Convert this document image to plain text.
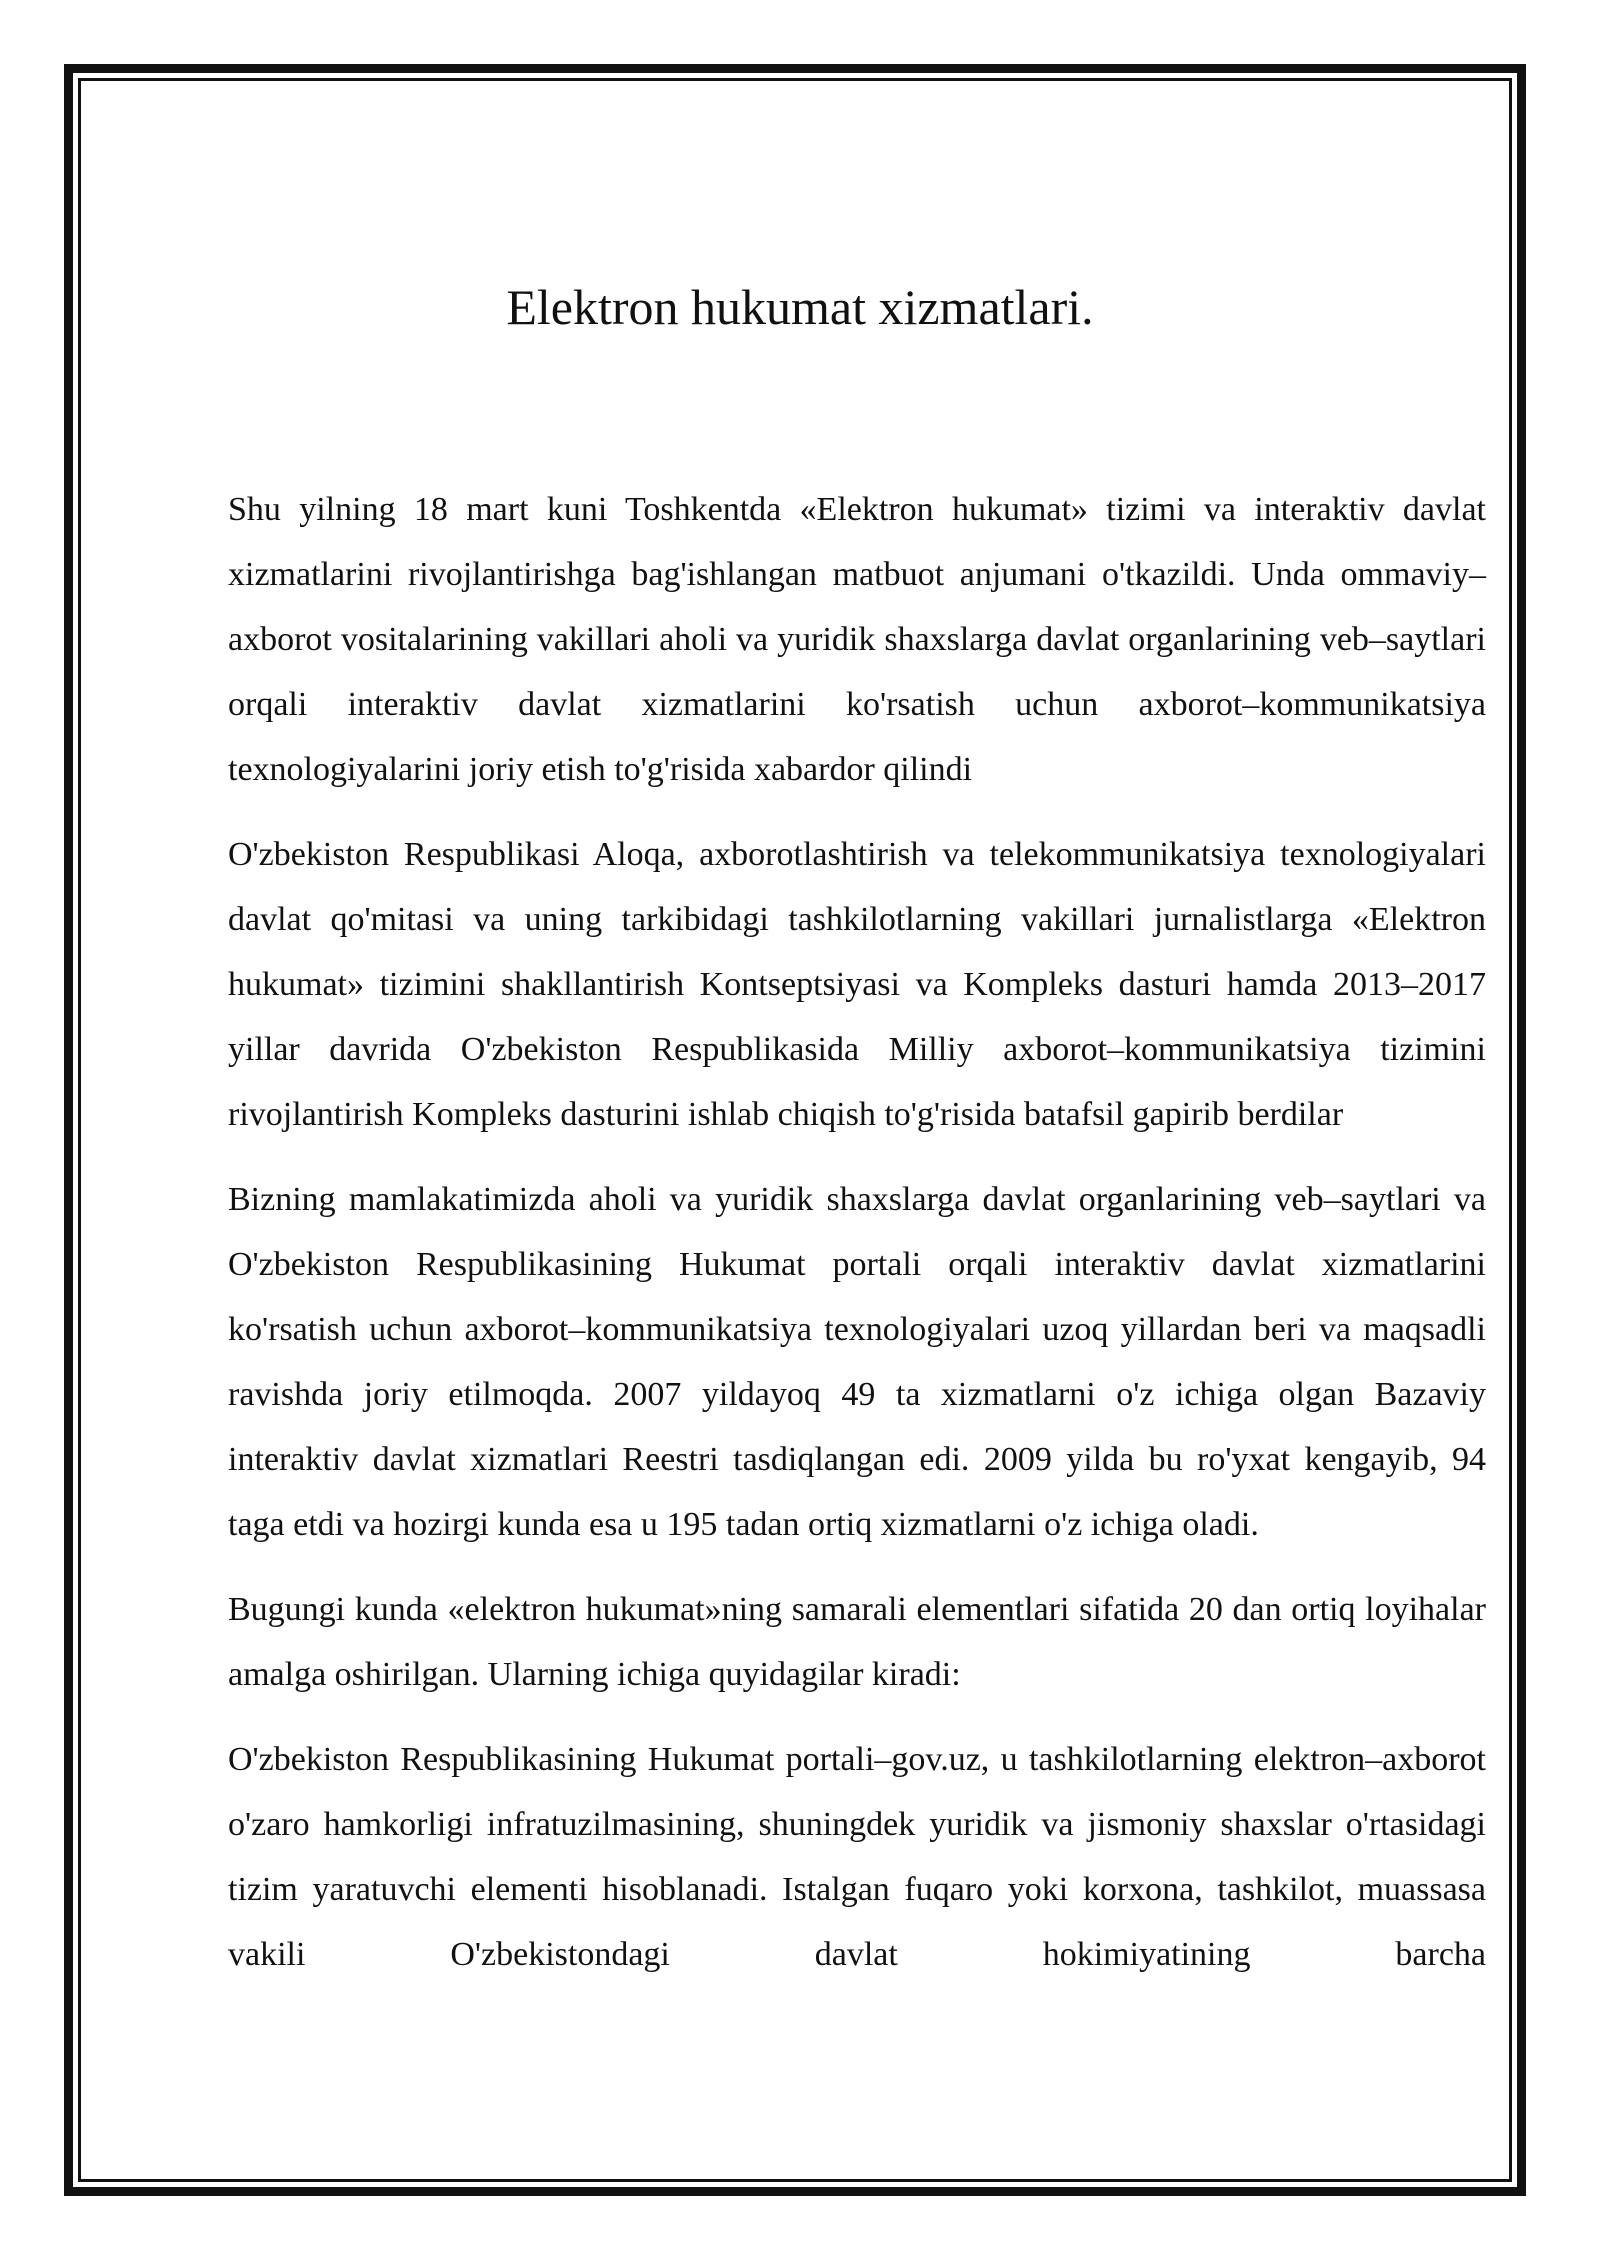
Elektron hukumat xizmatlari.

Shu yilning 18 mart kuni Toshkentda «Elektron hukumat» tizimi va interaktiv davlat xizmatlarini rivojlantirishga bag'ishlangan matbuot anjumani o'tkazildi. Unda ommaviy–axborot vositalarining vakillari aholi va yuridik shaxslarga davlat organlarining veb–saytlari orqali interaktiv davlat xizmatlarini ko'rsatish uchun axborot–kommunikatsiya texnologiyalarini joriy etish to'g'risida xabardor qilindi

O'zbekiston Respublikasi Aloqa, axborotlashtirish va telekommunikatsiya texnologiyalari davlat qo'mitasi va uning tarkibidagi tashkilotlarning vakillari jurnalistlarga «Elektron hukumat» tizimini shakllantirish Kontseptsiyasi va Kompleks dasturi hamda 2013–2017 yillar davrida O'zbekiston Respublikasida Milliy axborot–kommunikatsiya tizimini rivojlantirish Kompleks dasturini ishlab chiqish to'g'risida batafsil gapirib berdilar

Bizning mamlakatimizda aholi va yuridik shaxslarga davlat organlarining veb–saytlari va O'zbekiston Respublikasining Hukumat portali orqali interaktiv davlat xizmatlarini ko'rsatish uchun axborot–kommunikatsiya texnologiyalari uzoq yillardan beri va maqsadli ravishda joriy etilmoqda. 2007 yildayoq 49 ta xizmatlarni o'z ichiga olgan Bazaviy interaktiv davlat xizmatlari Reestri tasdiqlangan edi. 2009 yilda bu ro'yxat kengayib, 94 taga etdi va hozirgi kunda esa u 195 tadan ortiq xizmatlarni o'z ichiga oladi.

Bugungi kunda «elektron hukumat»ning samarali elementlari sifatida 20 dan ortiq loyihalar amalga oshirilgan. Ularning ichiga quyidagilar kiradi:

O'zbekiston Respublikasining Hukumat portali–gov.uz, u tashkilotlarning elektron–axborot o'zaro hamkorligi infratuzilmasining, shuningdek yuridik va jismoniy shaxslar o'rtasidagi tizim yaratuvchi elementi hisoblanadi. Istalgan fuqaro yoki korxona, tashkilot, muassasa vakili O'zbekistondagi davlat hokimiyatining barcha
